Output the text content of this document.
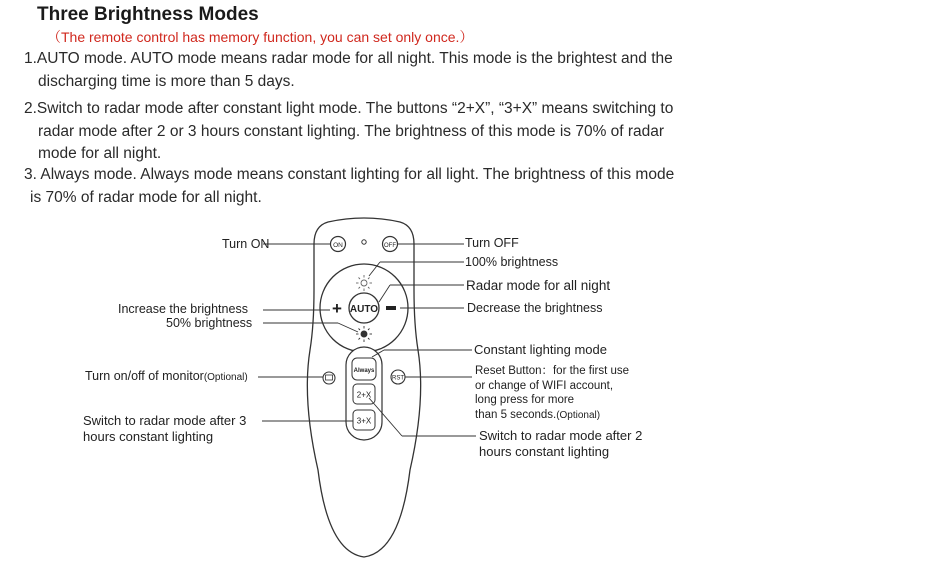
Three Brightness Modes
（The remote control has memory function, you can set only once.）
1.AUTO mode. AUTO mode means radar mode for all night. This mode is the brightest and the
discharging time is more than 5 days.
2.Switch to radar mode after constant light mode. The buttons “2+X”, “3+X” means switching to
radar mode after 2 or 3 hours constant lighting. The brightness of this mode is 70% of radar
mode for all night.
3. Always mode. Always mode means constant lighting for all light. The brightness of this mode
is 70% of radar mode for all night.
ON	OFF
AUTO
+
RST
Always
2+X
3+X
Turn ON	Turn OFF
100% brightness
Radar mode for all night
Increase the brightness	Decrease the brightness
50% brightness
Constant lighting mode
Turn on/off of monitor(Optional)
Reset Button：for the first use
or change of WIFI account,
long press for more
than 5 seconds.(Optional)
Switch to radar mode after 3
hours constant lighting	Switch to radar mode after 2
hours constant lighting
